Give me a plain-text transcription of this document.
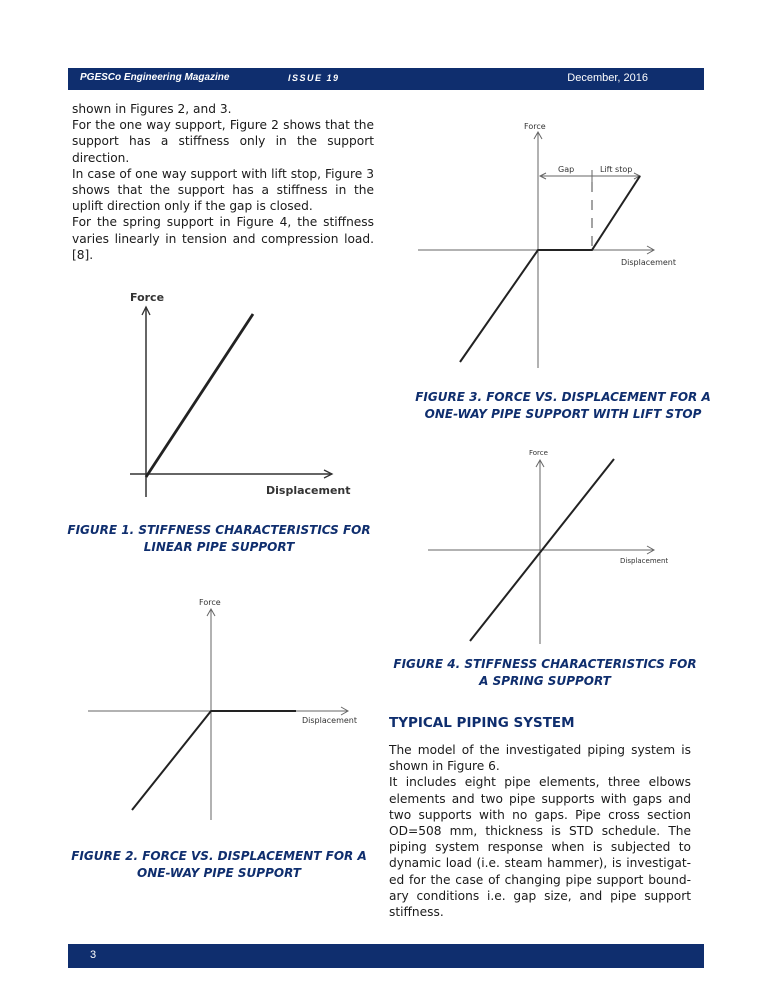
PGESCo Engineering Magazine	ISSUE 19	December, 2016

shown in Figures 2, and 3.

For the one way support, Figure 2 shows that the support has a stiffness only in the support direction.

In case of one way support with lift stop, Figure 3 shows that the support has a stiffness in the uplift direction only if the gap is closed.

For the spring support in Figure 4, the stiffness varies linearly in tension and compression load. [8].

Force
Displacement
FIGURE 1. STIFFNESS CHARACTERISTICS FOR
LINEAR PIPE SUPPORT
Force
Displacement
FIGURE 2. FORCE VS. DISPLACEMENT FOR A
ONE-WAY PIPE SUPPORT
Force
Gap	Lift stop
Displacement
FIGURE 3. FORCE VS. DISPLACEMENT FOR A
ONE-WAY PIPE SUPPORT WITH LIFT STOP
Force
Displacement
FIGURE 4. STIFFNESS CHARACTERISTICS FOR
A SPRING SUPPORT
TYPICAL PIPING SYSTEM

The model of the investigated piping system is shown in Figure 6.

It includes eight pipe elements, three elbows elements and two pipe supports with gaps and two supports with no gaps. Pipe cross section OD=508 mm, thickness is STD schedule. The piping system response when is subjected to dynamic load (i.e. steam hammer), is investigat-ed for the case of changing pipe support bound-ary conditions i.e. gap size, and pipe support stiffness.

3
